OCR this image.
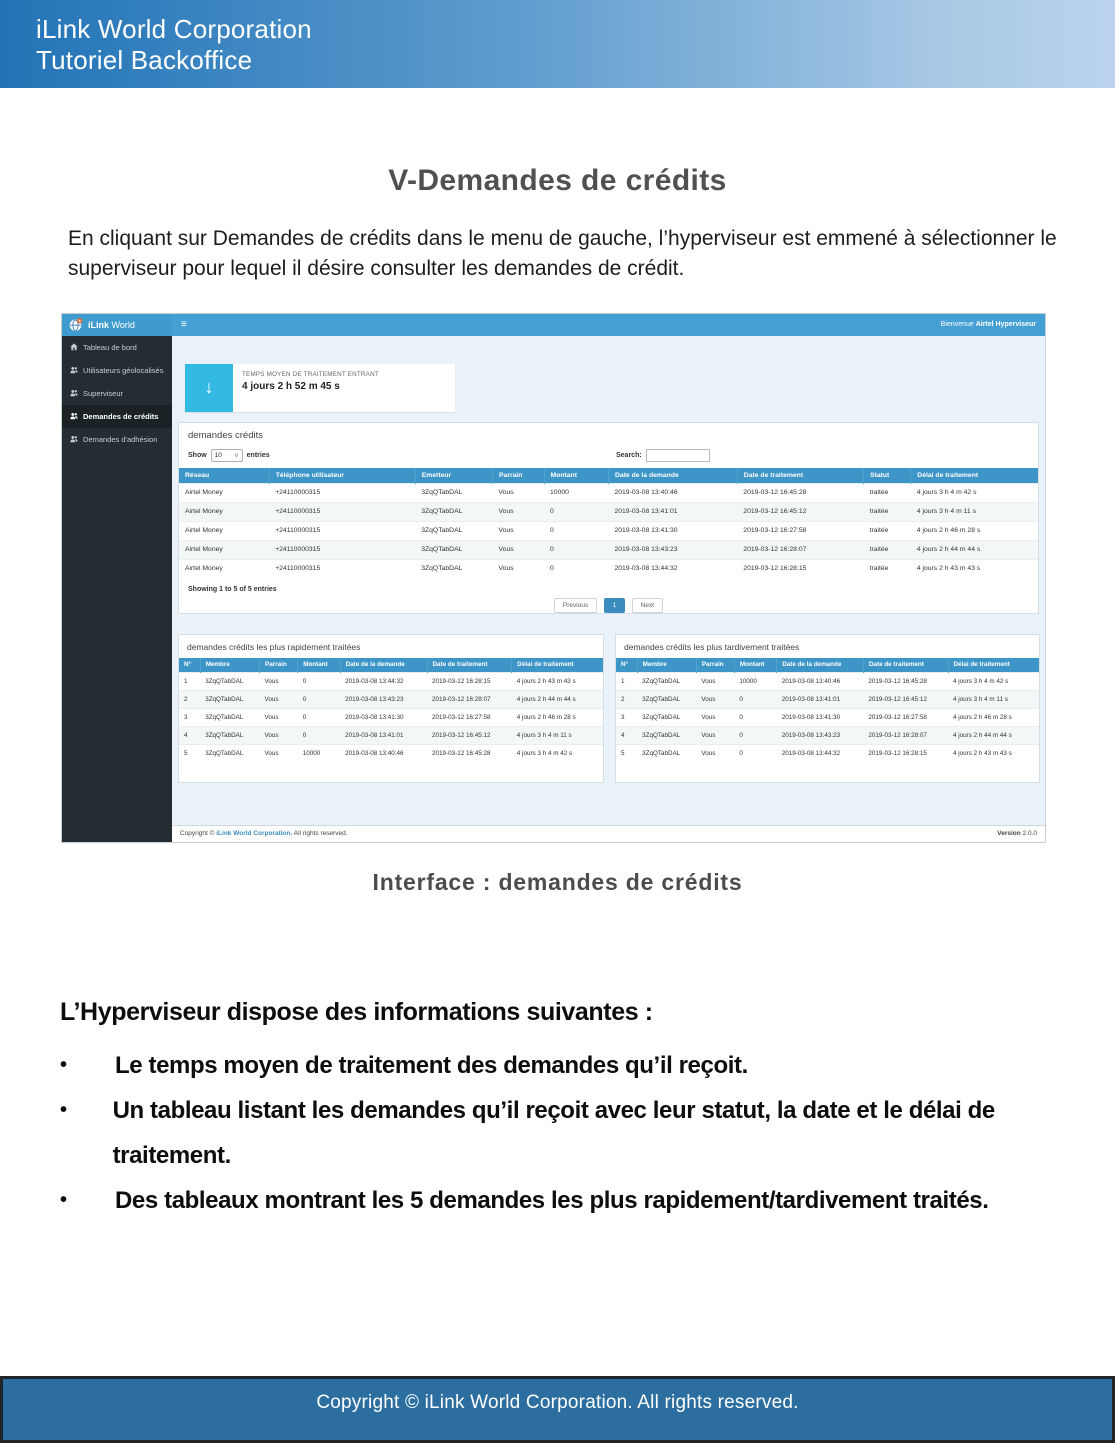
iLink World Corporation
Tutoriel Backoffice
V-Demandes de crédits

En cliquant sur Demandes de crédits dans le menu de gauche, l’hyperviseur est emmené à sélectionner le superviseur pour lequel il désire consulter les demandes de crédit.

iLink World	≡	Bienvenue Airtel Hyperviseur
Tableau de bord
Utilisateurs géolocalisés
Superviseur
Demandes de crédits
Demandes d'adhésion
↓
TEMPS MOYEN DE TRAITEMENT ENTRANT
4 jours 2 h 52 m 45 s
demandes crédits
Show 10 ∨ entries	Search:
Réseau	Téléphone utilisateur	Emetteur	Parrain	Montant	Date de la demande	Date de traitement	Statut	Délai de traitement
Airtel Money	+24110000315	3ZqQTabDAL	Vous	10000	2019-03-08 13:40:46	2019-03-12 16:45:28	traitée	4 jours 3 h 4 m 42 s
Airtel Money	+24110000315	3ZqQTabDAL	Vous	0	2019-03-08 13:41:01	2019-03-12 16:45:12	traitée	4 jours 3 h 4 m 11 s
Airtel Money	+24110000315	3ZqQTabDAL	Vous	0	2019-03-08 13:41:30	2019-03-12 16:27:58	traitée	4 jours 2 h 46 m 28 s
Airtel Money	+24110000315	3ZqQTabDAL	Vous	0	2019-03-08 13:43:23	2019-03-12 16:28:07	traitée	4 jours 2 h 44 m 44 s
Airtel Money	+24110000315	3ZqQTabDAL	Vous	0	2019-03-08 13:44:32	2019-03-12 16:28:15	traitée	4 jours 2 h 43 m 43 s
Showing 1 to 5 of 5 entries
Previous	1	Next
demandes crédits les plus rapidement traitées
N°	Membre	Parrain	Montant	Date de la demande	Date de traitement	Délai de traitement
1	3ZqQTabDAL	Vous	0	2019-03-08 13:44:32	2019-03-12 16:28:15	4 jours 2 h 43 m 43 s
2	3ZqQTabDAL	Vous	0	2019-03-08 13:43:23	2019-03-12 16:28:07	4 jours 2 h 44 m 44 s
3	3ZqQTabDAL	Vous	0	2019-03-08 13:41:30	2019-03-12 16:27:58	4 jours 2 h 46 m 28 s
4	3ZqQTabDAL	Vous	0	2019-03-08 13:41:01	2019-03-12 16:45:12	4 jours 3 h 4 m 11 s
5	3ZqQTabDAL	Vous	10000	2019-03-08 13:40:46	2019-03-12 16:45:28	4 jours 3 h 4 m 42 s
demandes crédits les plus tardivement traitées
N°	Membre	Parrain	Montant	Date de la demande	Date de traitement	Délai de traitement
1	3ZqQTabDAL	Vous	10000	2019-03-08 13:40:46	2019-03-12 16:45:28	4 jours 3 h 4 m 42 s
2	3ZqQTabDAL	Vous	0	2019-03-08 13:41:01	2019-03-12 16:45:12	4 jours 3 h 4 m 11 s
3	3ZqQTabDAL	Vous	0	2019-03-08 13:41:30	2019-03-12 16:27:58	4 jours 2 h 46 m 28 s
4	3ZqQTabDAL	Vous	0	2019-03-08 13:43:23	2019-03-12 16:28:07	4 jours 2 h 44 m 44 s
5	3ZqQTabDAL	Vous	0	2019-03-08 13:44:32	2019-03-12 16:28:15	4 jours 2 h 43 m 43 s
Copyright © iLink World Corporation. All rights reserved.	Version 2.0.0
Interface : demandes de crédits
L’Hyperviseur dispose des informations suivantes :
•	Le temps moyen de traitement des demandes qu’il reçoit.
•	Un tableau listant les demandes qu’il reçoit avec leur statut, la date et le délai de traitement.
•	Des tableaux montrant les 5 demandes les plus rapidement/tardivement traités.
Copyright © iLink World Corporation. All rights reserved.
